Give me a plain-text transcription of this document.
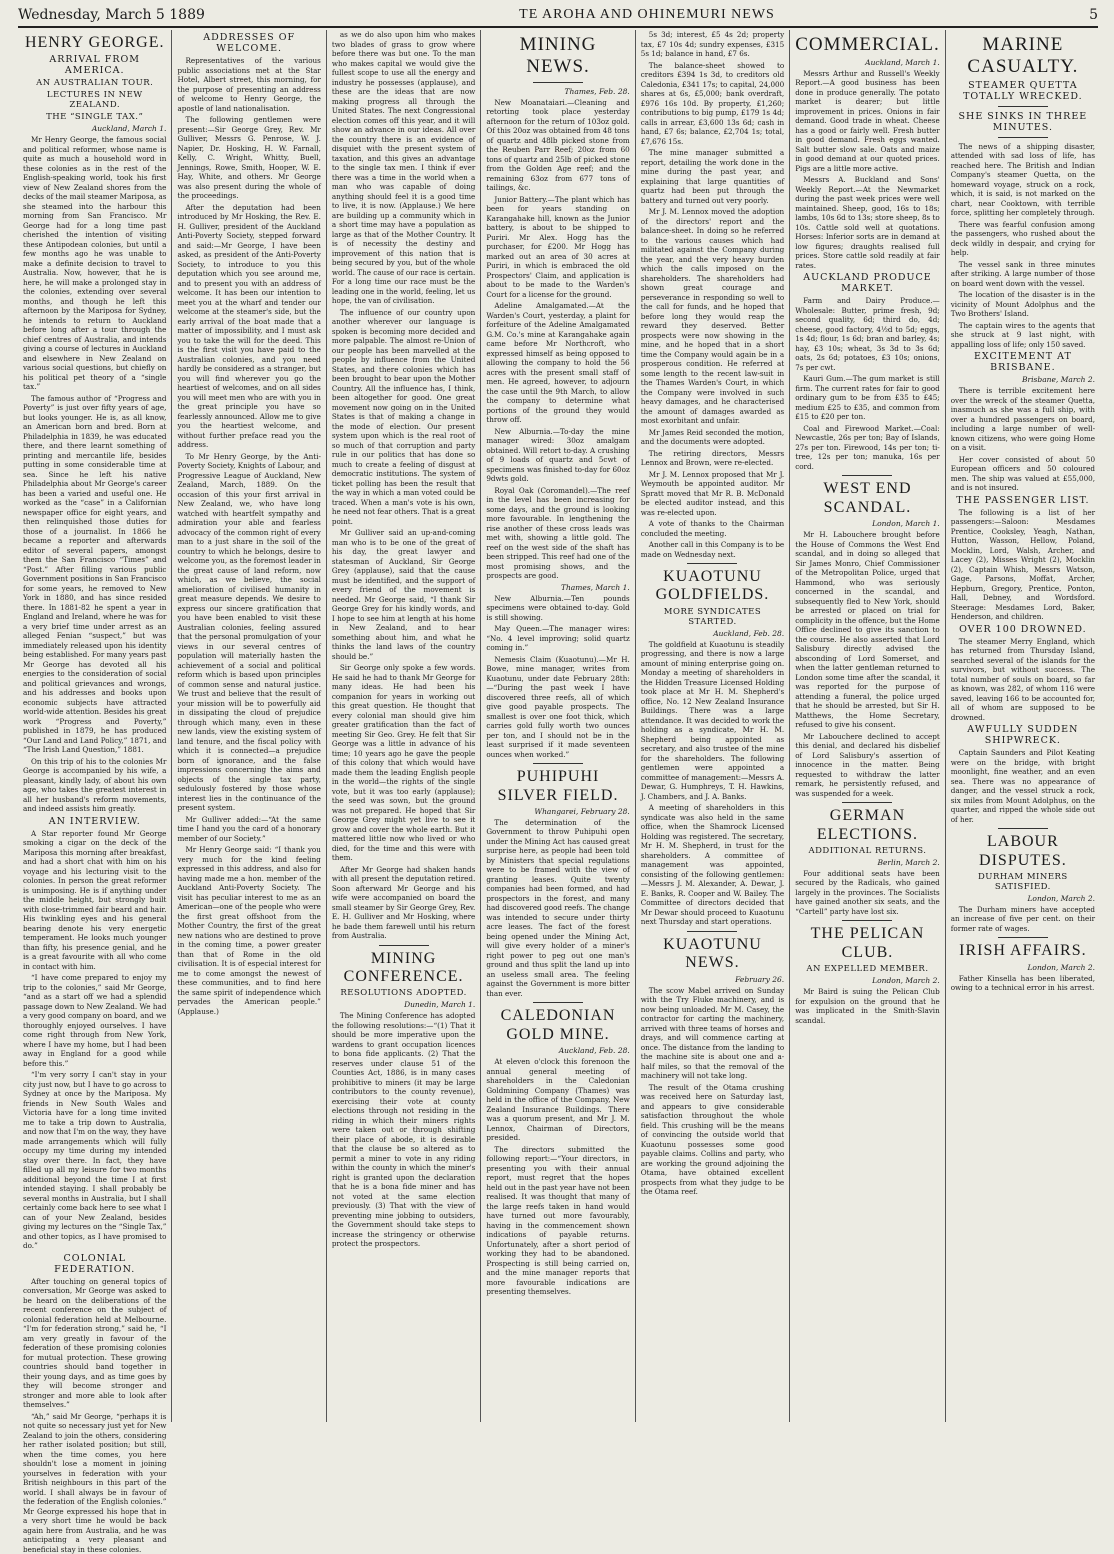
Wednesday, March 5 1889	TE AROHA AND OHINEMURI NEWS	5
HENRY GEORGE.
ARRIVAL FROM AMERICA.
AN AUSTRALIAN TOUR.
LECTURES IN NEW ZEALAND.
THE “SINGLE TAX.”
Auckland, March 1.

Mr Henry George, the famous social and political reformer, whose name is quite as much a household word in these colonies as in the rest of the English-speaking world, took his first view of New Zealand shores from the decks of the mail steamer Mariposa, as she steamed into the harbour this morning from San Francisco. Mr George had for a long time past cherished the intention of visiting these Antipodean colonies, but until a few months ago he was unable to make a definite decision to travel to Australia. Now, however, that he is here, he will make a prolonged stay in the colonies, extending over several months, and though he left this afternoon by the Mariposa for Sydney, he intends to return to Auckland before long after a tour through the chief centres of Australia, and intends giving a course of lectures in Auckland and elsewhere in New Zealand on various social questions, but chiefly on his political pet theory of a “single tax.”

The famous author of “Progress and Poverty” is just over fifty years of age, but looks younger. He is, as all know, an American born and bred. Born at Philadelphia in 1839, he was educated there, and there learnt something of printing and mercantile life, besides putting in some considerable time at sea. Since he left his native Philadelphia about Mr George's career has been a varied and useful one. He worked as the “case” in a Californian newspaper office for eight years, and then relinquished those duties for those of a journalist. In 1866 he became a reporter and afterwards editor of several papers, amongst them the San Francisco “Times” and “Post.” After filling various public Government positions in San Francisco for some years, he removed to New York in 1880, and has since resided there. In 1881-82 he spent a year in England and Ireland, where he was for a very brief time under arrest as an alleged Fenian “suspect,” but was immediately released upon his identity being established. For many years past Mr George has devoted all his energies to the consideration of social and political grievances and wrongs, and his addresses and books upon economic subjects have attracted world-wide attention. Besides his great work “Progress and Poverty,” published in 1879, he has produced “Our Land and Land Policy,” 1871, and “The Irish Land Question,” 1881.

On this trip of his to the colonies Mr George is accompanied by his wife, a pleasant, kindly lady, of about his own age, who takes the greatest interest in all her husband's reform movements, and indeed assists him greatly.

AN INTERVIEW.

A Star reporter found Mr George smoking a cigar on the deck of the Mariposa this morning after breakfast, and had a short chat with him on his voyage and his lecturing visit to the colonies. In person the great reformer is unimposing. He is if anything under the middle height, but strongly built with close-trimmed fair beard and hair. His twinkling eyes and his general bearing denote his very energetic temperament. He looks much younger than fifty, his presence genial, and he is a great favourite with all who come in contact with him.

“I have come prepared to enjoy my trip to the colonies,” said Mr George, “and as a start off we had a splendid passage down to New Zealand. We had a very good company on board, and we thoroughly enjoyed ourselves. I have come right through from New York, where I have my home, but I had been away in England for a good while before this.”

“I'm very sorry I can't stay in your city just now, but I have to go across to Sydney at once by the Mariposa. My friends in New South Wales and Victoria have for a long time invited me to take a trip down to Australia, and now that I'm on the way, they have made arrangements which will fully occupy my time during my intended stay over there. In fact, they have filled up all my leisure for two months additional beyond the time I at first intended staying. I shall probably be several months in Australia, but I shall certainly come back here to see what I can of your New Zealand, besides giving my lectures on the “Single Tax,” and other topics, as I have promised to do.”

COLONIAL FEDERATION.

After touching on general topics of conversation, Mr George was asked to be heard on the deliberations of the recent conference on the subject of colonial federation held at Melbourne. “I'm for federation strong,” said he, “I am very greatly in favour of the federation of these promising colonies for mutual protection. These growing countries should band together in their young days, and as time goes by they will become stronger and stronger and more able to look after themselves.”

“Ah,” said Mr George, “perhaps it is not quite so necessary just yet for New Zealand to join the others, considering her rather isolated position; but still, when the time comes, you here shouldn't lose a moment in joining yourselves in federation with your British neighbours in this part of the world. I shall always be in favour of the federation of the English colonies.” Mr George expressed his hope that in a very short time he would be back again here from Australia, and he was anticipating a very pleasant and beneficial stay in these colonies.

ADDRESSES OF WELCOME.

Representatives of the various public associations met at the Star Hotel, Albert street, this morning, for the purpose of presenting an address of welcome to Henry George, the apostle of land nationalisation.

The following gentlemen were present:—Sir George Grey, Rev. Mr Gulliver, Messrs G. Penrose, W. J. Napier, Dr. Hosking, H. W. Farnall, Kelly, C. Wright, Whitty, Buell, Jennings, Rowe, Smith, Hooper, W. E. Hay, White, and others. Mr George was also present during the whole of the proceedings.

After the deputation had been introduced by Mr Hosking, the Rev. E. H. Gulliver, president of the Auckland Anti-Poverty Society, stepped forward and said:—Mr George, I have been asked, as president of the Anti-Poverty Society, to introduce to you this deputation which you see around me, and to present you with an address of welcome. It has been our intention to meet you at the wharf and tender our welcome at the steamer's side, but the early arrival of the boat made that a matter of impossibility, and I must ask you to take the will for the deed. This is the first visit you have paid to the Australian colonies, and you need hardly be considered as a stranger, but you will find wherever you go the heartiest of welcomes, and on all sides you will meet men who are with you in the great principle you have so fearlessly announced. Allow me to give you the heartiest welcome, and without further preface read you the address.

To Mr Henry George, by the Anti-Poverty Society, Knights of Labour, and Progressive League of Auckland, New Zealand, March, 1889. On the occasion of this your first arrival in New Zealand, we, who have long watched with heartfelt sympathy and admiration your able and fearless advocacy of the common right of every man to a just share in the soil of the country to which he belongs, desire to welcome you, as the foremost leader in the great cause of land reform, now which, as we believe, the social amelioration of civilised humanity in great measure depends. We desire to express our sincere gratification that you have been enabled to visit these Australian colonies, feeling assured that the personal promulgation of your views in our several centres of population will materially hasten the achievement of a social and political reform which is based upon principles of common sense and natural justice. We trust and believe that the result of your mission will be to powerfully aid in dissipating the cloud of prejudice through which many, even in these new lands, view the existing system of land tenure, and the fiscal policy with which it is connected—a prejudice born of ignorance, and the false impressions concerning the aims and objects of the single tax party, sedulously fostered by those whose interest lies in the continuance of the present system.

Mr Gulliver added:—“At the same time I hand you the card of a honorary member of our Society.”

Mr Henry George said: “I thank you very much for the kind feeling expressed in this address, and also for having made me a hon. member of the Auckland Anti-Poverty Society. The visit has peculiar interest to me as an American—one of the people who were the first great offshoot from the Mother Country, the first of the great new nations who are destined to prove in the coming time, a power greater than that of Rome in the old civilisation. It is of especial interest for me to come amongst the newest of these communities, and to find here the same spirit of independence which pervades the American people.” (Applause.)

as we do also upon him who makes two blades of grass to grow where before there was but one. To the man who makes capital we would give the fullest scope to use all the energy and industry he possesses (applause), and these are the ideas that are now making progress all through the United States. The next Congressional election comes off this year, and it will show an advance in our ideas. All over the country there is an evidence of disquiet with the present system of taxation, and this gives an advantage to the single tax men. I think if ever there was a time in the world when a man who was capable of doing anything should feel it is a good time to live, it is now. (Applause.) We here are building up a community which in a short time may have a population as large as that of the Mother Country. It is of necessity the destiny and improvement of this nation that is being secured by you, but of the whole world. The cause of our race is certain. For a long time our race must be the leading one in the world, feeling, let us hope, the van of civilisation.

The influence of our country upon another wherever our language is spoken is becoming more decided and more palpable. The almost re-Union of our people has been marvelled at the people by influence from the United States, and there colonies which has been brought to bear upon the Mother Country. All the influence has, I think, been altogether for good. One great movement now going on in the United States is that of making a change in the mode of election. Our present system upon which is the real root of so much of that corruption and party rule in our politics that has done so much to create a feeling of disgust at democratic institutions. The system of ticket polling has been the result that the way in which a man voted could be traced. When a man's vote is his own, he need not fear others. That is a great point.

Mr Gulliver said an up-and-coming man who is to be one of the great of his day, the great lawyer and statesman of Auckland, Sir George Grey (applause), said that the cause must be identified, and the support of every friend of the movement is needed. Mr George said, “I thank Sir George Grey for his kindly words, and I hope to see him at length at his home in New Zealand, and to hear something about him, and what he thinks the land laws of the country should be.”

Sir George only spoke a few words. He said he had to thank Mr George for many ideas. He had been his companion for years in working out this great question. He thought that every colonial man should give him greater gratification than the fact of meeting Sir Geo. Grey. He felt that Sir George was a little in advance of his time; 10 years ago he gave the people of this colony that which would have made them the leading English people in the world—the rights of the single vote, but it was too early (applause); the seed was sown, but the ground was not prepared. He hoped that Sir George Grey might yet live to see it grow and cover the whole earth. But it mattered little now who lived or who died, for the time and this were with them.

After Mr George had shaken hands with all present the deputation retired. Soon afterward Mr George and his wife were accompanied on board the small steamer by Sir George Grey, Rev. E. H. Gulliver and Mr Hosking, where he bade them farewell until his return from Australia.

MINING CONFERENCE.
RESOLUTIONS ADOPTED.
Dunedin, March 1.

The Mining Conference has adopted the following resolutions:—“(1) That it should be more imperative upon the wardens to grant occupation licences to bona fide applicants. (2) That the reserves under clause 51 of the Counties Act, 1886, is in many cases prohibitive to miners (it may be large contributors to the county revenue), exercising their vote at county elections through not residing in the riding in which their miners rights were taken out or through shifting their place of abode, it is desirable that the clause be so altered as to permit a miner to vote in any riding within the county in which the miner's right is granted upon the declaration that he is a bona fide miner and has not voted at the same election previously. (3) That with the view of preventing mine jobbing to outsiders, the Government should take steps to increase the stringency or otherwise protect the prospectors.

MINING NEWS.
Thames, Feb. 28.

New Moanataiari.—Cleaning and retorting took place yesterday afternoon for the return of 103oz gold. Of this 20oz was obtained from 48 tons of quartz and 48lb picked stone from the Reuben Parr Reef; 20oz from 60 tons of quartz and 25lb of picked stone from the Golden Age reef; and the remaining 63oz from 677 tons of tailings, &c.

Junior Battery.—The plant which has been for years standing on Karangahake hill, known as the Junior battery, is about to be shipped to Puriri. Mr Alex. Hogg has the purchaser, for £200. Mr Hogg has marked out an area of 30 acres at Puriri, in which is embraced the old Prospectors' Claim, and application is about to be made to the Warden's Court for a license for the ground.

Adeline Amalgamated.—At the Warden's Court, yesterday, a plaint for forfeiture of the Adeline Amalgamated G.M. Co.'s mine at Karangahake again came before Mr Northcroft, who expressed himself as being opposed to allowing the company to hold the 56 acres with the present small staff of men. He agreed, however, to adjourn the case until the 9th March, to allow the company to determine what portions of the ground they would throw off.

New Alburnia.—To-day the mine manager wired: 30oz amalgam obtained. Will retort to-day. A crushing of 9 loads of quartz and 5cwt of specimens was finished to-day for 60oz 9dwts gold.

Royal Oak (Coromandel).—The reef in the level has been increasing for some days, and the ground is looking more favourable. In lengthening the rise another of these cross leads was met with, showing a little gold. The reef on the west side of the shaft has been stripped. This reef had one of the most promising shows, and the prospects are good.

Thames, March 1.

New Alburnia.—Ten pounds specimens were obtained to-day. Gold is still showing.

May Queen.—The manager wires: “No. 4 level improving; solid quartz coming in.”

Nemesis Claim (Kuaotunu).—Mr H. Bowe, mine manager, writes from Kuaotunu, under date February 28th:—“During the past week I have discovered three reefs, all of which give good payable prospects. The smallest is over one foot thick, which carries gold fully worth two ounces per ton, and I should not be in the least surprised if it made seventeen ounces when worked.”

PUHIPUHI SILVER FIELD.
Whangarei, February 28.

The determination of the Government to throw Puhipuhi open under the Mining Act has caused great surprise here, as people had been told by Ministers that special regulations were to be framed with the view of granting leases. Quite twenty companies had been formed, and had prospectors in the forest, and many had discovered good reefs. The change was intended to secure under thirty acre leases. The fact of the forest being opened under the Mining Act, will give every holder of a miner's right power to peg out one man's ground and thus split the land up into an useless small area. The feeling against the Government is more bitter than ever.

CALEDONIAN GOLD MINE.
Auckland, Feb. 28.

At eleven o'clock this forenoon the annual general meeting of shareholders in the Caledonian Goldmining Company (Thames) was held in the office of the Company, New Zealand Insurance Buildings. There was a quorum present, and Mr J. M. Lennox, Chairman of Directors, presided.

The directors submitted the following report:—“Your directors, in presenting you with their annual report, must regret that the hopes held out in the past year have not been realised. It was thought that many of the large reefs taken in hand would have turned out more favourably, having in the commencement shown indications of payable returns. Unfortunately, after a short period of working they had to be abandoned. Prospecting is still being carried on, and the mine manager reports that more favourable indications are presenting themselves.

5s 3d; interest, £5 4s 2d; property tax, £7 10s 4d; sundry expenses, £315 5s 1d; balance in hand, £7 6s.

The balance-sheet showed to creditors £394 1s 3d, to creditors old Caledonia, £341 17s; to capital, 24,000 shares at 6s, £5,000; bank overdraft, £976 16s 10d. By property, £1,260; contributions to big pump, £179 1s 4d; calls in arrear, £3,600 13s 6d; cash in hand, £7 6s; balance, £2,704 1s; total, £7,676 15s.

The mine manager submitted a report, detailing the work done in the mine during the past year, and explaining that large quantities of quartz had been put through the battery and turned out very poorly.

Mr J. M. Lennox moved the adoption of the directors' report and the balance-sheet. In doing so he referred to the various causes which had militated against the Company during the year, and the very heavy burden which the calls imposed on the shareholders. The shareholders had shown great courage and perseverance in responding so well to the call for funds, and he hoped that before long they would reap the reward they deserved. Better prospects were now showing in the mine, and he hoped that in a short time the Company would again be in a prosperous condition. He referred at some length to the recent law-suit in the Thames Warden's Court, in which the Company were involved in such heavy damages, and he characterised the amount of damages awarded as most exorbitant and unfair.

Mr James Reid seconded the motion, and the documents were adopted.

The retiring directors, Messrs Lennox and Brown, were re-elected.

Mr J. M. Lennox proposed that Mr J. Weymouth be appointed auditor. Mr Spratt moved that Mr R. B. McDonald be elected auditor instead, and this was re-elected upon.

A vote of thanks to the Chairman concluded the meeting.

Another call in this Company is to be made on Wednesday next.

KUAOTUNU GOLDFIELDS.
MORE SYNDICATES STARTED.
Auckland, Feb. 28.

The goldfield at Kuaotunu is steadily progressing, and there is now a large amount of mining enterprise going on. Monday a meeting of shareholders in the Hidden Treasure Licensed Holding took place at Mr H. M. Shepherd's office, No. 12 New Zealand Insurance Buildings. There was a large attendance. It was decided to work the holding as a syndicate, Mr H. M. Shepherd being appointed as secretary, and also trustee of the mine for the shareholders. The following gentlemen were appointed a committee of management:—Messrs A. Dewar, G. Humphreys, T. H. Hawkins, J. Chambers, and J. A. Banks.

A meeting of shareholders in this syndicate was also held in the same office, when the Shamrock Licensed Holding was registered. The secretary, Mr H. M. Shepherd, in trust for the shareholders. A committee of management was appointed, consisting of the following gentlemen:—Messrs J. M. Alexander, A. Dewar, J. E. Banks, R. Cooper and W. Bailey. The Committee of directors decided that Mr Dewar should proceed to Kuaotunu next Thursday and start operations.

KUAOTUNU NEWS.
February 26.

The scow Mabel arrived on Sunday with the Try Fluke machinery, and is now being unloaded. Mr M. Casey, the contractor for carting the machinery, arrived with three teams of horses and drays, and will commence carting at once. The distance from the landing to the machine site is about one and a-half miles, so that the removal of the machinery will not take long.

The result of the Otama crushing was received here on Saturday last, and appears to give considerable satisfaction throughout the whole field. This crushing will be the means of convincing the outside world that Kuaotunu possesses some good payable claims. Collins and party, who are working the ground adjoining the Otama, have obtained excellent prospects from what they judge to be the Otama reef.

COMMERCIAL.
Auckland, March 1.

Messrs Arthur and Russell's Weekly Report.—A good business has been done in produce generally. The potato market is dearer; but little improvement in prices. Onions in fair demand. Good trade in wheat. Cheese has a good or fairly well. Fresh butter in good demand. Fresh eggs wanted. Salt butter slow sale. Oats and maize in good demand at our quoted prices. Pigs are a little more active.

Messrs A. Buckland and Sons' Weekly Report.—At the Newmarket during the past week prices were well maintained. Sheep, good, 16s to 18s; lambs, 10s 6d to 13s; store sheep, 8s to 10s. Cattle sold well at quotations. Horses: Inferior sorts are in demand at low figures; draughts realised full prices. Store cattle sold readily at fair rates.

AUCKLAND PRODUCE MARKET.

Farm and Dairy Produce.—Wholesale: Butter, prime fresh, 9d; second quality, 6d; third do, 4d; cheese, good factory, 4½d to 5d; eggs, 1s 4d; flour, 1s 6d; bran and barley, 4s; hay, £3 10s; wheat, 3s 3d to 3s 6d; oats, 2s 6d; potatoes, £3 10s; onions, 7s per cwt.

Kauri Gum.—The gum market is still firm. The current rates for fair to good ordinary gum to be from £35 to £45; medium £25 to £35, and common from £15 to £20 per ton.

Coal and Firewood Market.—Coal: Newcastle, 26s per ton; Bay of Islands, 27s per ton. Firewood, 14s per ton; ti-tree, 12s per ton; manuka, 16s per cord.

WEST END SCANDAL.
London, March 1.

Mr H. Labouchere brought before the House of Commons the West End scandal, and in doing so alleged that Sir James Monro, Chief Commissioner of the Metropolitan Police, urged that Hammond, who was seriously concerned in the scandal, and subsequently fled to New York, should be arrested or placed on trial for complicity in the offence, but the Home Office declined to give its sanction to the course. He also asserted that Lord Salisbury directly advised the absconding of Lord Somerset, and when the latter gentleman returned to London some time after the scandal, it was reported for the purpose of attending a funeral, the police urged that he should be arrested, but Sir H. Matthews, the Home Secretary, refused to give his consent.

Mr Labouchere declined to accept this denial, and declared his disbelief of Lord Salisbury's assertion of innocence in the matter. Being requested to withdraw the latter remark, he persistently refused, and was suspended for a week.

GERMAN ELECTIONS.
ADDITIONAL RETURNS.
Berlin, March 2.

Four additional seats have been secured by the Radicals, who gained largely in the provinces. The Socialists have gained another six seats, and the “Cartell” party have lost six.

THE PELICAN CLUB.
AN EXPELLED MEMBER.
London, March 2.

Mr Baird is suing the Pelican Club for expulsion on the ground that he was implicated in the Smith-Slavin scandal.

MARINE CASUALTY.
STEAMER QUETTA TOTALLY WRECKED.
SHE SINKS IN THREE MINUTES.

The news of a shipping disaster, attended with sad loss of life, has reached here. The British and Indian Company's steamer Quetta, on the homeward voyage, struck on a rock, which, it is said, is not marked on the chart, near Cooktown, with terrible force, splitting her completely through.

There was fearful confusion among the passengers, who rushed about the deck wildly in despair, and crying for help.

The vessel sank in three minutes after striking. A large number of those on board went down with the vessel.

The location of the disaster is in the vicinity of Mount Adolphus and the Two Brothers' Island.

The captain wires to the agents that she struck at 9 last night, with appalling loss of life; only 150 saved.

EXCITEMENT AT BRISBANE.
Brisbane, March 2.

There is terrible excitement here over the wreck of the steamer Quetta, inasmuch as she was a full ship, with over a hundred passengers on board, including a large number of well-known citizens, who were going Home on a visit.

Her cover consisted of about 50 European officers and 50 coloured men. The ship was valued at £55,000, and is not insured.

THE PASSENGER LIST.

The following is a list of her passengers:—Saloon: Mesdames Prentice, Cooksley, Yeagh, Nathan, Hutton, Wasson, Hellow, Poland, Mocklin, Lord, Walsh, Archer, and Lacey (2), Misses Wright (2), Mocklin (2), Captain Whish, Messrs Watson, Gage, Parsons, Moffat, Archer, Hepburn, Gregory, Prentice, Ponton, Hall, Debney, and Wordsford. Steerage: Mesdames Lord, Baker, Henderson, and children.

OVER 100 DROWNED.

The steamer Merry England, which has returned from Thursday Island, searched several of the islands for the survivors, but without success. The total number of souls on board, so far as known, was 282, of whom 116 were saved, leaving 166 to be accounted for, all of whom are supposed to be drowned.

AWFULLY SUDDEN SHIPWRECK.

Captain Saunders and Pilot Keating were on the bridge, with bright moonlight, fine weather, and an even sea. There was no appearance of danger, and the vessel struck a rock, six miles from Mount Adolphus, on the quarter, and ripped the whole side out of her.

LABOUR DISPUTES.
DURHAM MINERS SATISFIED.
London, March 2.

The Durham miners have accepted an increase of five per cent. on their former rate of wages.

IRISH AFFAIRS.
London, March 2.

Father Kinsella has been liberated, owing to a technical error in his arrest.
